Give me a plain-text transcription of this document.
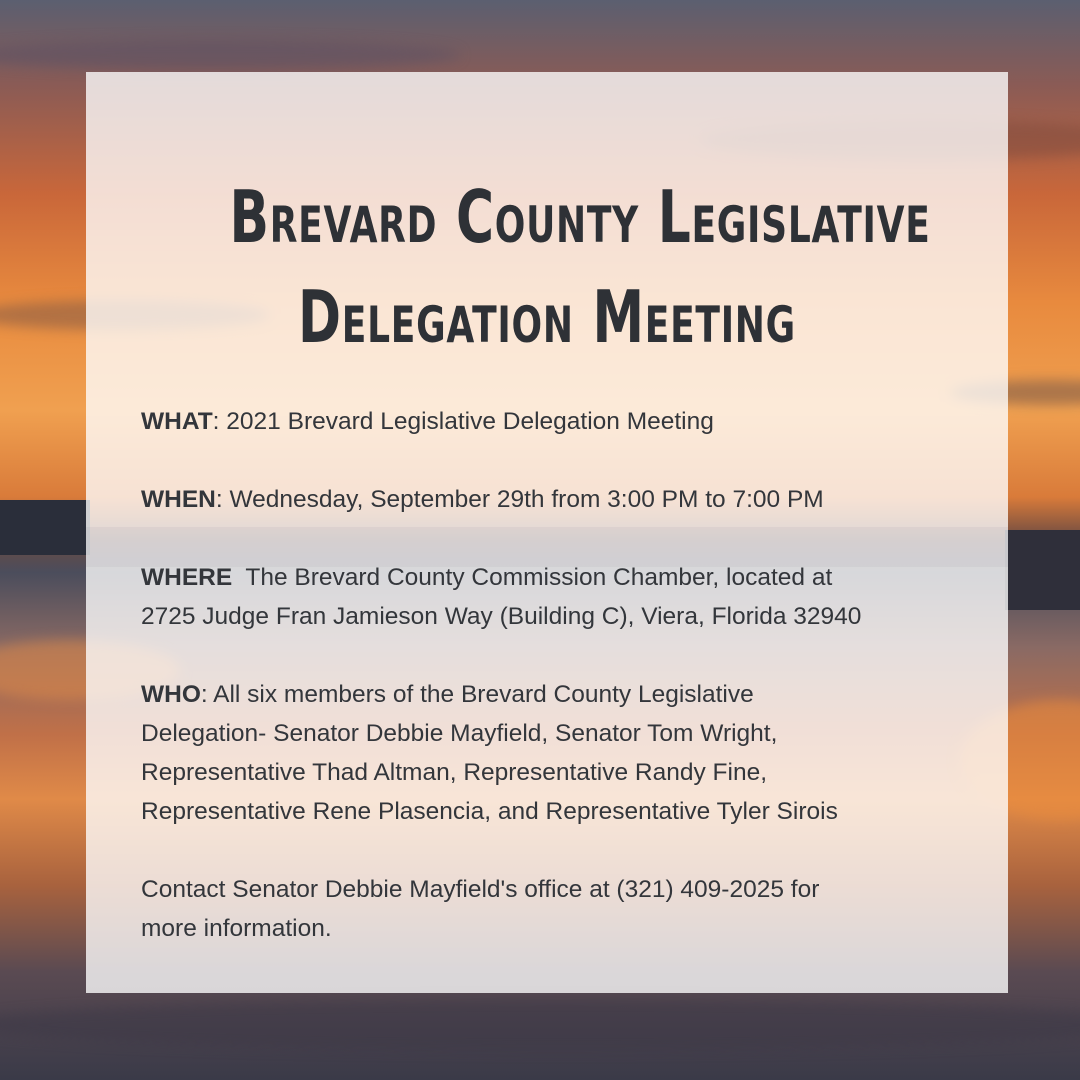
Brevard County Legislative
Delegation Meeting
WHAT: 2021 Brevard Legislative Delegation Meeting
WHEN: Wednesday, September 29th from 3:00 PM to 7:00 PM
WHERE  The Brevard County Commission Chamber, located at
2725 Judge Fran Jamieson Way (Building C), Viera, Florida 32940
WHO: All six members of the Brevard County Legislative
Delegation- Senator Debbie Mayfield, Senator Tom Wright,
Representative Thad Altman, Representative Randy Fine,
Representative Rene Plasencia, and Representative Tyler Sirois
Contact Senator Debbie Mayfield's office at (321) 409-2025 for
more information.
